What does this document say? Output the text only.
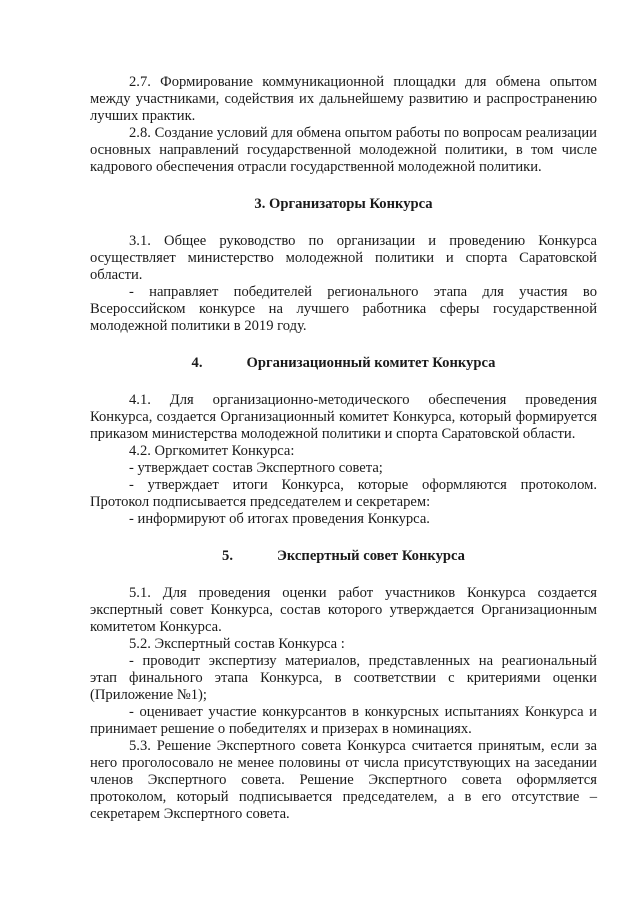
2.7. Формирование коммуникационной площадки для обмена опытом между участниками, содействия их дальнейшему развитию и распространению лучших практик.

2.8. Создание условий для обмена опытом работы по вопросам реализации основных направлений государственной молодежной политики, в том числе кадрового обеспечения отрасли государственной молодежной политики.

3. Организаторы Конкурса

3.1. Общее руководство по организации и проведению Конкурса осуществляет министерство молодежной политики и спорта Саратовской области.

- направляет победителей регионального этапа для участия во Всероссийском конкурсе на лучшего работника сферы государственной молодежной политики в 2019 году.

4.	Организационный комитет Конкурса

4.1. Для организационно-методического обеспечения проведения Конкурса, создается Организационный комитет Конкурса, который формируется приказом министерства молодежной политики и спорта Саратовской области.

4.2. Оргкомитет Конкурса:

- утверждает состав Экспертного совета;

- утверждает итоги Конкурса, которые оформляются протоколом. Протокол подписывается председателем и секретарем:

- информируют об итогах проведения Конкурса.

5.	Экспертный совет Конкурса

5.1. Для проведения оценки работ участников Конкурса создается экспертный совет Конкурса, состав которого утверждается Организационным комитетом Конкурса.

5.2. Экспертный состав Конкурса :

- проводит экспертизу материалов, представленных на реагиональный этап финального этапа Конкурса, в соответствии с критериями оценки (Приложение №1);

- оценивает участие конкурсантов в конкурсных испытаниях Конкурса и принимает решение о победителях и призерах в номинациях.

5.3. Решение Экспертного совета Конкурса считается принятым, если за него проголосовало не менее половины от числа присутствующих на заседании членов Экспертного совета. Решение Экспертного совета оформляется протоколом, который подписывается председателем, а в его отсутствие – секретарем Экспертного совета.
